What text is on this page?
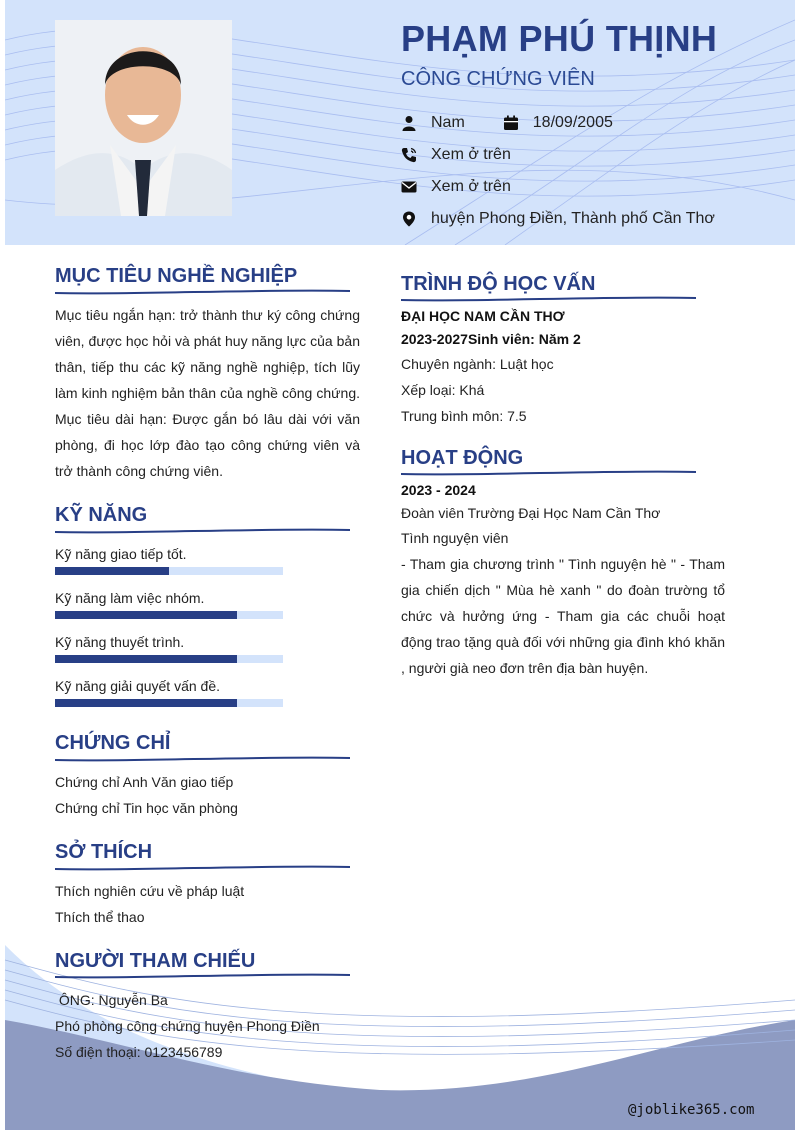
PHẠM PHÚ THỊNH
CÔNG CHỨNG VIÊN
Nam	18/09/2005
Xem ở trên
Xem ở trên
huyện Phong Điền, Thành phố Cần Thơ
MỤC TIÊU NGHỀ NGHIỆP
Mục tiêu ngắn hạn: trở thành thư ký công chứng viên, được học hỏi và phát huy năng lực của bản thân, tiếp thu các kỹ năng nghề nghiệp, tích lũy làm kinh nghiệm bản thân của nghề công chứng. Mục tiêu dài hạn: Được gắn bó lâu dài với văn phòng, đi học lớp đào tạo công chứng viên và trở thành công chứng viên.
KỸ NĂNG
Kỹ năng giao tiếp tốt.
Kỹ năng làm việc nhóm.
Kỹ năng thuyết trình.
Kỹ năng giải quyết vấn đề.
CHỨNG CHỈ
Chứng chỉ Anh Văn giao tiếp
Chứng chỉ Tin học văn phòng
SỞ THÍCH
Thích nghiên cứu về pháp luật
Thích thể thao
NGƯỜI THAM CHIẾU
ÔNG: Nguyễn Ba
Phó phòng công chứng huyện Phong Điền
Số điện thoại: 0123456789
TRÌNH ĐỘ HỌC VẤN
ĐẠI HỌC NAM CẦN THƠ
2023-2027Sinh viên: Năm 2
Chuyên ngành: Luật học
Xếp loại: Khá
Trung bình môn: 7.5
HOẠT ĐỘNG
2023 - 2024
Đoàn viên Trường Đại Học Nam Cần Thơ
Tình nguyện viên
- Tham gia chương trình " Tình nguyện hè " - Tham gia chiến dịch " Mùa hè xanh " do đoàn trường tổ chức và hưởng ứng - Tham gia các chuỗi hoạt động trao tặng quà đối với những gia đình khó khăn , người già neo đơn trên địa bàn huyện.
@joblike365.com
